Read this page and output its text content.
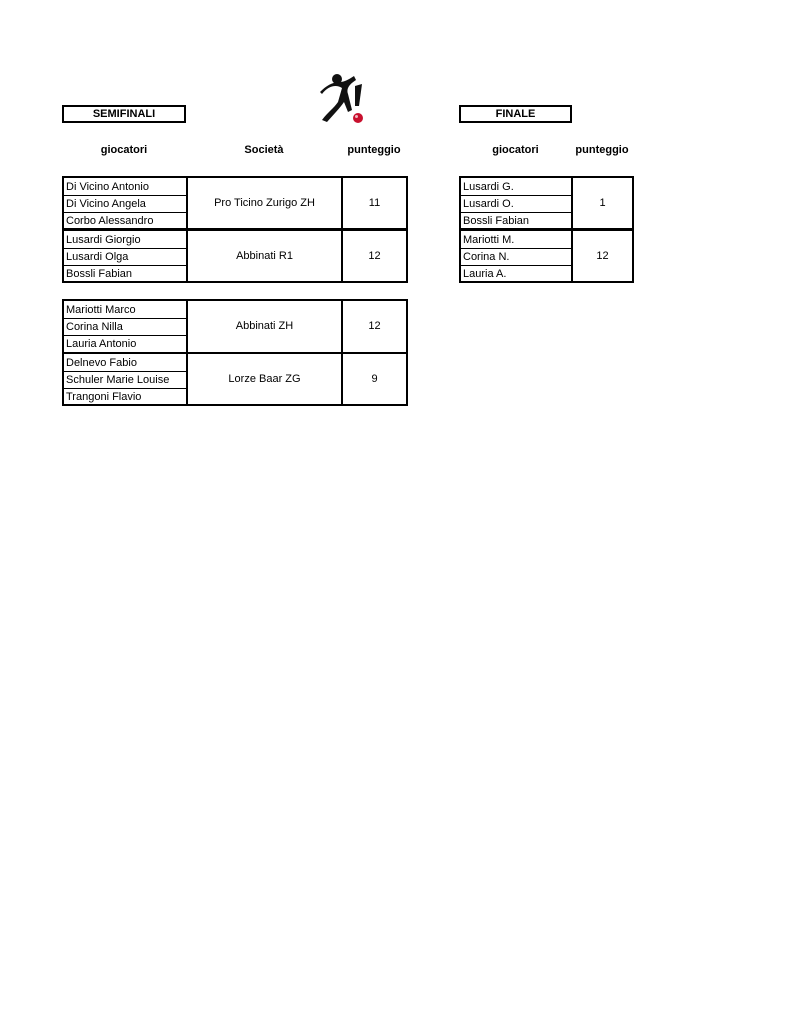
SEMIFINALI	FINALE
giocatori	Società	punteggio	giocatori	punteggio
Di Vicino Antonio
Di Vicino Angela
Corbo Alessandro
Pro Ticino Zurigo ZH	11
Lusardi Giorgio
Lusardi Olga
Bossli Fabian
Abbinati R1	12
Mariotti Marco
Corina Nilla
Lauria Antonio
Abbinati ZH	12
Delnevo Fabio
Schuler Marie Louise
Trangoni Flavio
Lorze Baar ZG	9
Lusardi G.
Lusardi O.
Bossli Fabian
1
Mariotti M.
Corina N.
Lauria A.
12
